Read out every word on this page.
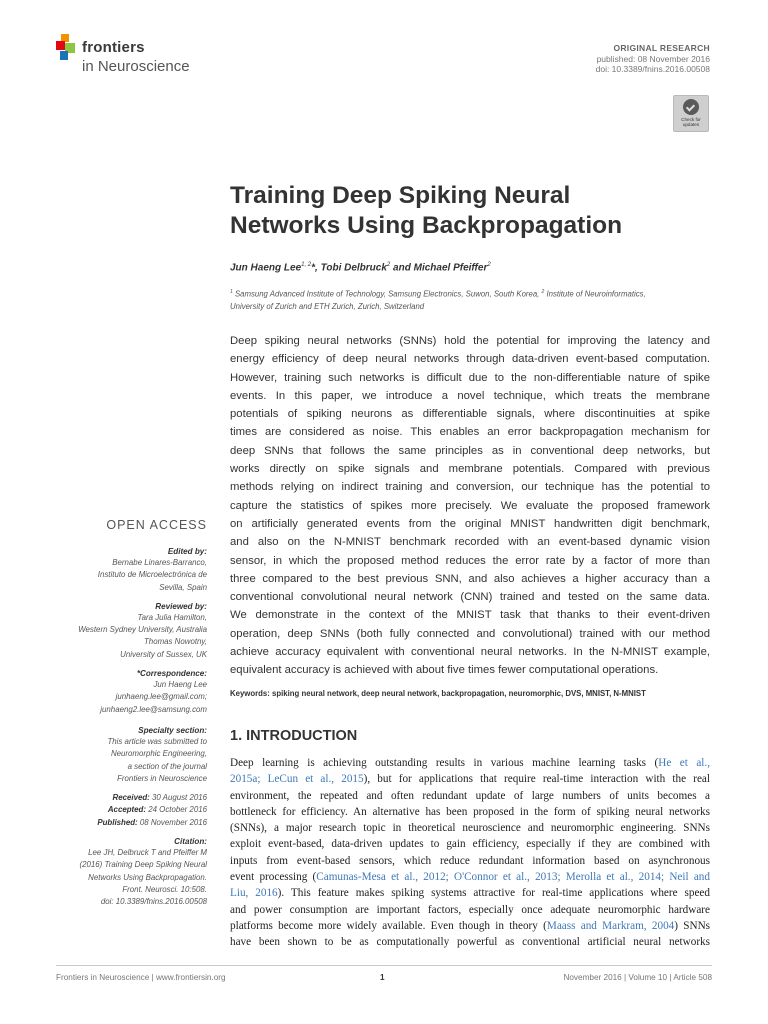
frontiers
in Neuroscience
ORIGINAL RESEARCH
published: 08 November 2016
doi: 10.3389/fnins.2016.00508
Check for
updates
Training Deep Spiking Neural
Networks Using Backpropagation
Jun Haeng Lee$^{1, 2}$*, Tobi Delbruck$^2$ and Michael Pfeiffer$^2$
$^1$ Samsung Advanced Institute of Technology, Samsung Electronics, Suwon, South Korea, $^2$ Institute of Neuroinformatics,
University of Zurich and ETH Zurich, Zurich, Switzerland
Deep spiking neural networks (SNNs) hold the potential for improving the latency and
energy efficiency of deep neural networks through data-driven event-based computation.
However, training such networks is difficult due to the non-differentiable nature of spike
events. In this paper, we introduce a novel technique, which treats the membrane
potentials of spiking neurons as differentiable signals, where discontinuities at spike
times are considered as noise. This enables an error backpropagation mechanism for
deep SNNs that follows the same principles as in conventional deep networks, but
works directly on spike signals and membrane potentials. Compared with previous
methods relying on indirect training and conversion, our technique has the potential to
capture the statistics of spikes more precisely. We evaluate the proposed framework
on artificially generated events from the original MNIST handwritten digit benchmark,
and also on the N-MNIST benchmark recorded with an event-based dynamic vision
sensor, in which the proposed method reduces the error rate by a factor of more than
three compared to the best previous SNN, and also achieves a higher accuracy than a
conventional convolutional neural network (CNN) trained and tested on the same data.
We demonstrate in the context of the MNIST task that thanks to their event-driven
operation, deep SNNs (both fully connected and convolutional) trained with our method
achieve accuracy equivalent with conventional neural networks. In the N-MNIST example,
equivalent accuracy is achieved with about five times fewer computational operations.
Keywords: spiking neural network, deep neural network, backpropagation, neuromorphic, DVS, MNIST, N-MNIST
1. INTRODUCTION
Deep learning is achieving outstanding results in various machine learning tasks (He et al.,
2015a; LeCun et al., 2015), but for applications that require real-time interaction with the real
environment, the repeated and often redundant update of large numbers of units becomes a
bottleneck for efficiency. An alternative has been proposed in the form of spiking neural networks
(SNNs), a major research topic in theoretical neuroscience and neuromorphic engineering. SNNs
exploit event-based, data-driven updates to gain efficiency, especially if they are combined with
inputs from event-based sensors, which reduce redundant information based on asynchronous
event processing (Camunas-Mesa et al., 2012; O'Connor et al., 2013; Merolla et al., 2014; Neil and
Liu, 2016). This feature makes spiking systems attractive for real-time applications where speed
and power consumption are important factors, especially once adequate neuromorphic hardware
platforms become more widely available. Even though in theory (Maass and Markram, 2004) SNNs
have been shown to be as computationally powerful as conventional artificial neural networks
OPEN ACCESS
Edited by:
Bernabe Linares-Barranco,
Instituto de Microelectrónica de
Sevilla, Spain
Reviewed by:
Tara Julia Hamilton,
Western Sydney University, Australia
Thomas Nowotny,
University of Sussex, UK
*Correspondence:
Jun Haeng Lee
junhaeng.lee@gmail.com;
junhaeng2.lee@samsung.com
Specialty section:
This article was submitted to
Neuromorphic Engineering,
a section of the journal
Frontiers in Neuroscience
Received: 30 August 2016
Accepted: 24 October 2016
Published: 08 November 2016
Citation:
Lee JH, Delbruck T and Pfeiffer M
(2016) Training Deep Spiking Neural
Networks Using Backpropagation.
Front. Neurosci. 10:508.
doi: 10.3389/fnins.2016.00508
Frontiers in Neuroscience | www.frontiersin.org	1	November 2016 | Volume 10 | Article 508
